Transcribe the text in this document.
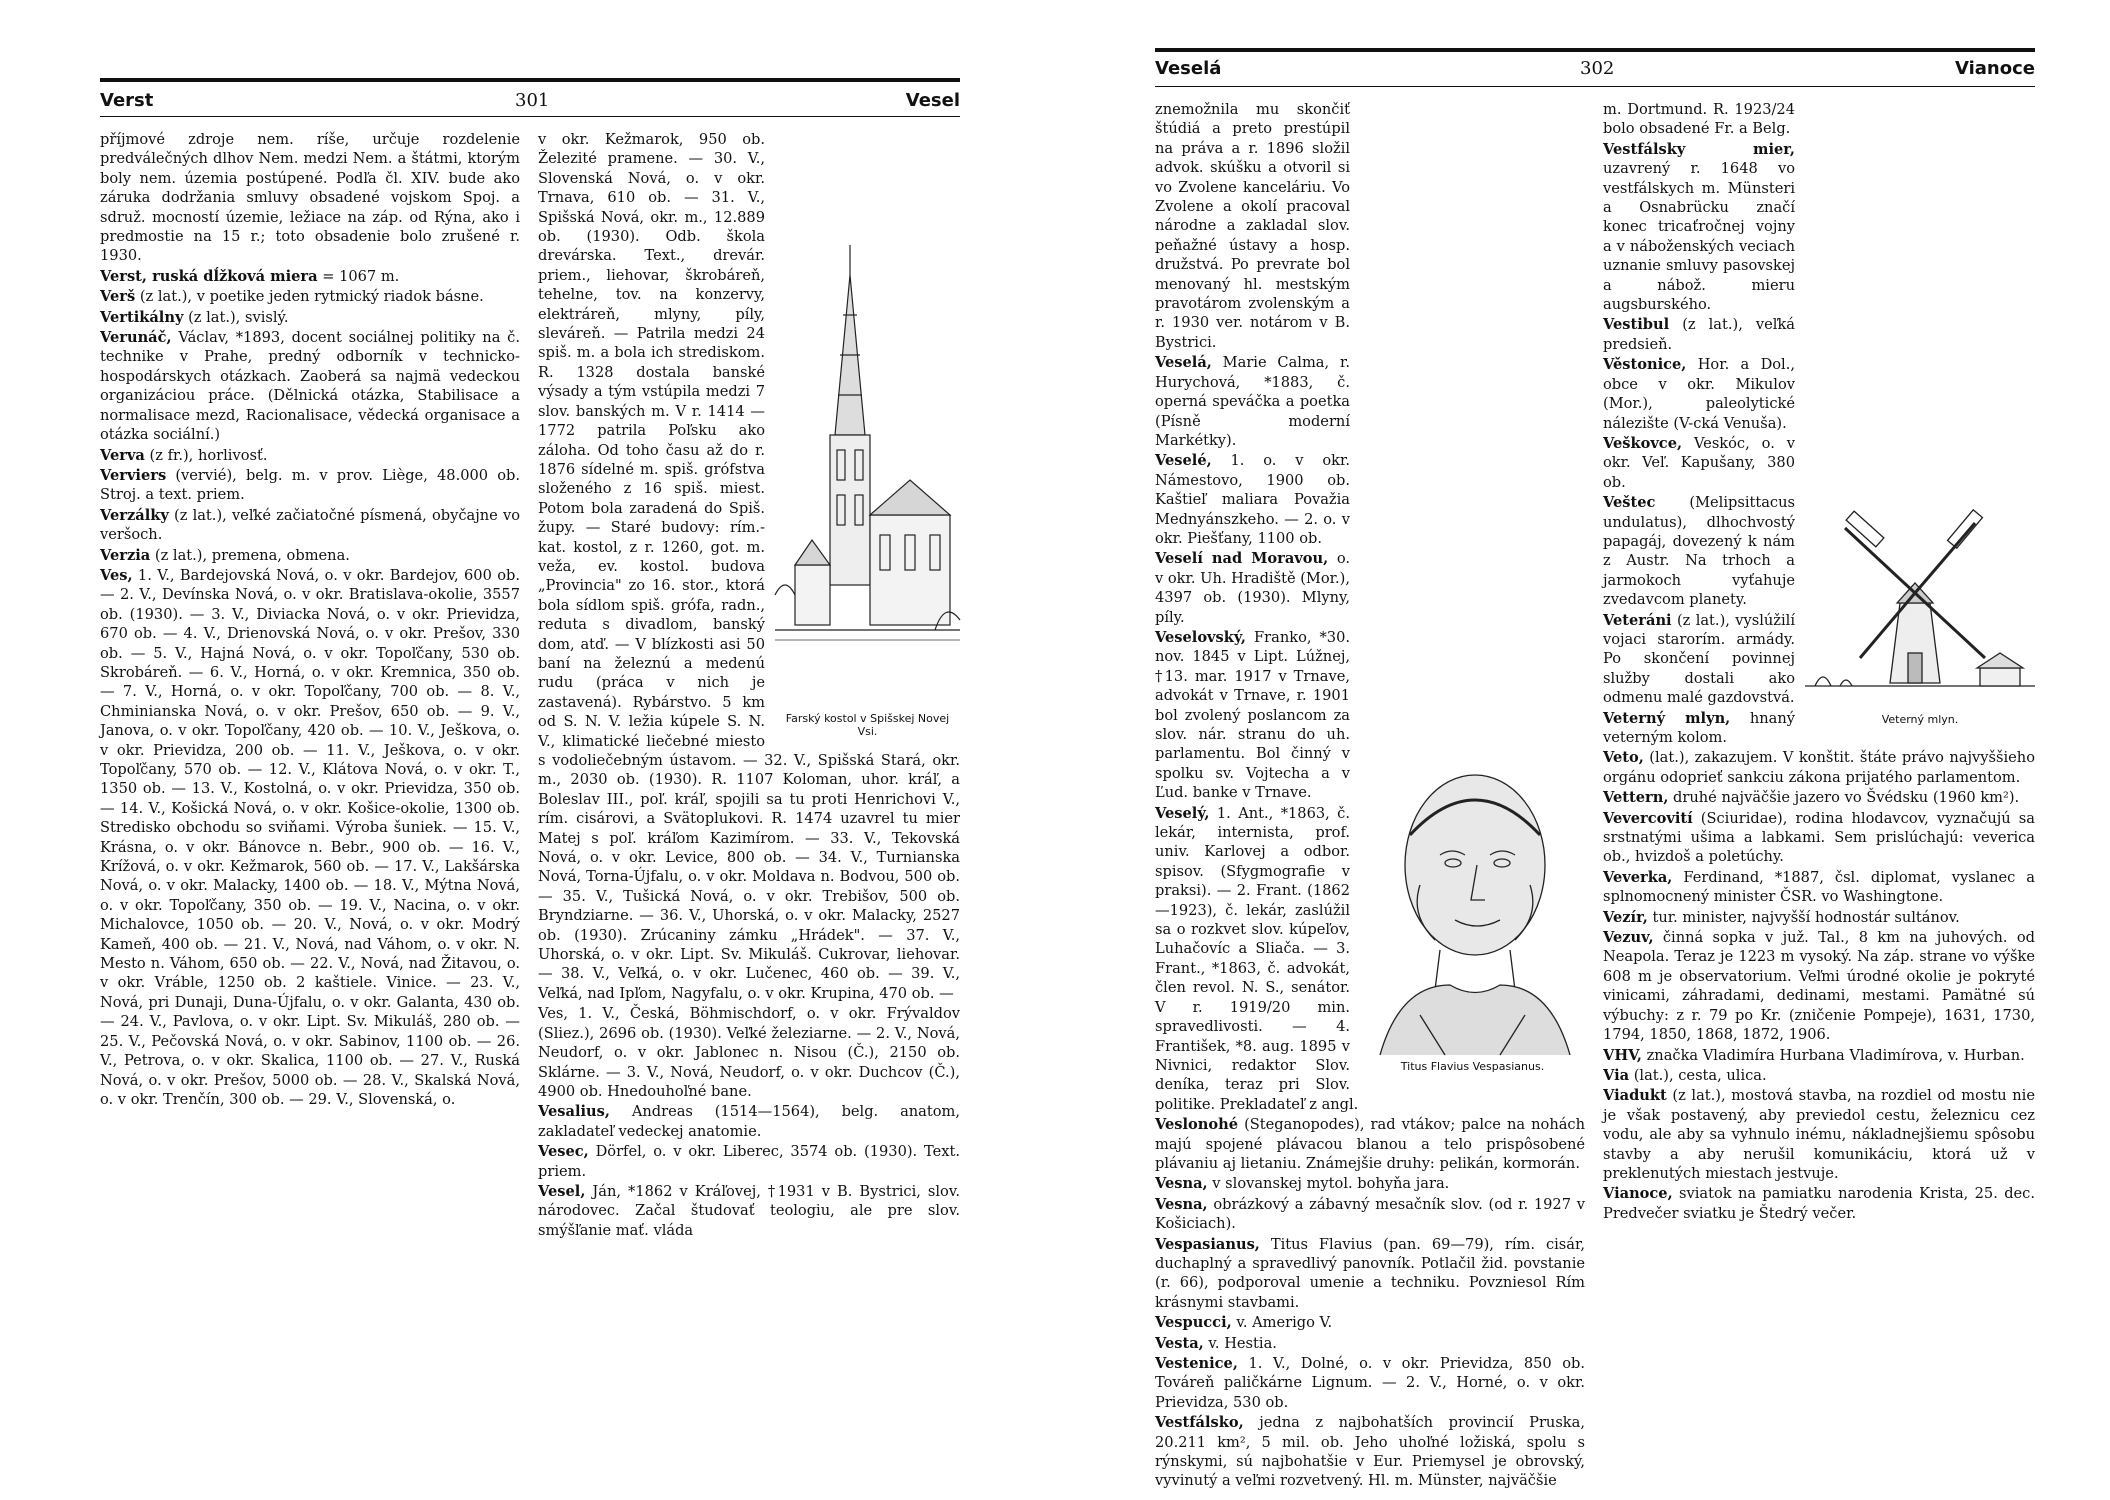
Verst	301	Vesel

příjmové zdroje nem. ríše, určuje rozdelenie predválečných dlhov Nem. medzi Nem. a štátmi, ktorým boly nem. územia postúpené. Podľa čl. XIV. bude ako záruka dodržania smluvy obsadené vojskom Spoj. a sdruž. mocností územie, ležiace na záp. od Rýna, ako i predmostie na 15 r.; toto obsadenie bolo zrušené r. 1930.

Verst, ruská dĺžková miera = 1067 m.

Verš (z lat.), v poetike jeden rytmický riadok básne.

Vertikálny (z lat.), svislý.

Verunáč, Václav, *1893, docent sociálnej politiky na č. technike v Prahe, predný odborník v technicko-hospodárskych otázkach. Zaoberá sa najmä vedeckou organizáciou práce. (Dělnická otázka, Stabilisace a normalisace mezd, Racionalisace, vědecká organisace a otázka sociální.)

Verva (z fr.), horlivosť.

Verviers (vervié), belg. m. v prov. Liège, 48.000 ob. Stroj. a text. priem.

Verzálky (z lat.), veľké začiatočné písmená, obyčajne vo veršoch.

Verzia (z lat.), premena, obmena.

Ves, 1. V., Bardejovská Nová, o. v okr. Bardejov, 600 ob. — 2. V., Devínska Nová, o. v okr. Bratislava-okolie, 3557 ob. (1930). — 3. V., Diviacka Nová, o. v okr. Prievidza, 670 ob. — 4. V., Drienovská Nová, o. v okr. Prešov, 330 ob. — 5. V., Hajná Nová, o. v okr. Topoľčany, 530 ob. Skrobáreň. — 6. V., Horná, o. v okr. Kremnica, 350 ob. — 7. V., Horná, o. v okr. Topoľčany, 700 ob. — 8. V., Chminianska Nová, o. v okr. Prešov, 650 ob. — 9. V., Janova, o. v okr. Topoľčany, 420 ob. — 10. V., Ješkova, o. v okr. Prievidza, 200 ob. — 11. V., Ješkova, o. v okr. Topoľčany, 570 ob. — 12. V., Klátova Nová, o. v okr. T., 1350 ob. — 13. V., Kostolná, o. v okr. Prievidza, 350 ob. — 14. V., Košická Nová, o. v okr. Košice-okolie, 1300 ob. Stredisko obchodu so sviňami. Výroba šuniek. — 15. V., Krásna, o. v okr. Bánovce n. Bebr., 900 ob. — 16. V., Krížová, o. v okr. Kežmarok, 560 ob. — 17. V., Lakšárska Nová, o. v okr. Malacky, 1400 ob. — 18. V., Mýtna Nová, o. v okr. Topoľčany, 350 ob. — 19. V., Nacina, o. v okr. Michalovce, 1050 ob. — 20. V., Nová, o. v okr. Modrý Kameň, 400 ob. — 21. V., Nová, nad Váhom, o. v okr. N. Mesto n. Váhom, 650 ob. — 22. V., Nová, nad Žitavou, o. v okr. Vráble, 1250 ob. 2 kaštiele. Vinice. — 23. V., Nová, pri Dunaji, Duna-Újfalu, o. v okr. Galanta, 430 ob. — 24. V., Pavlova, o. v okr. Lipt. Sv. Mikuláš, 280 ob. — 25. V., Pečovská Nová, o. v okr. Sabinov, 1100 ob. — 26. V., Petrova, o. v okr. Skalica, 1100 ob. — 27. V., Ruská Nová, o. v okr. Prešov, 5000 ob. — 28. V., Skalská Nová, o. v okr. Trenčín, 300 ob. — 29. V., Slovenská, o.

Farský kostol v Spišskej Novej Vsi.

v okr. Kežmarok, 950 ob. Železité pramene. — 30. V., Slovenská Nová, o. v okr. Trnava, 610 ob. — 31. V., Spišská Nová, okr. m., 12.889 ob. (1930). Odb. škola drevárska. Text., drevár. priem., liehovar, škrobáreň, tehelne, tov. na konzervy, elektráreň, mlyny, píly, sleváreň. — Patrila medzi 24 spiš. m. a bola ich strediskom. R. 1328 dostala banské výsady a tým vstúpila medzi 7 slov. banských m. V r. 1414 — 1772 patrila Poľsku ako záloha. Od toho času až do r. 1876 sídelné m. spiš. grófstva složeného z 16 spiš. miest. Potom bola zaradená do Spiš. župy. — Staré budovy: rím.-kat. kostol, z r. 1260, got. m. veža, ev. kostol. budova „Provincia" zo 16. stor., ktorá bola sídlom spiš. grófa, radn., reduta s divadlom, banský dom, atď. — V blízkosti asi 50 baní na železnú a medenú rudu (práca v nich je zastavená). Rybárstvo. 5 km od S. N. V. ležia kúpele S. N. V., klimatické liečebné miesto s vodoliečebným ústavom. — 32. V., Spišská Stará, okr. m., 2030 ob. (1930). R. 1107 Koloman, uhor. kráľ, a Boleslav III., poľ. kráľ, spojili sa tu proti Henrichovi V., rím. cisárovi, a Svätoplukovi. R. 1474 uzavrel tu mier Matej s poľ. kráľom Kazimírom. — 33. V., Tekovská Nová, o. v okr. Levice, 800 ob. — 34. V., Turnianska Nová, Torna-Újfalu, o. v okr. Moldava n. Bodvou, 500 ob. — 35. V., Tušická Nová, o. v okr. Trebišov, 500 ob. Bryndziarne. — 36. V., Uhorská, o. v okr. Malacky, 2527 ob. (1930). Zrúcaniny zámku „Hrádek". — 37. V., Uhorská, o. v okr. Lipt. Sv. Mikuláš. Cukrovar, liehovar. — 38. V., Veľká, o. v okr. Lučenec, 460 ob. — 39. V., Veľká, nad Ipľom, Nagyfalu, o. v okr. Krupina, 470 ob. —

Ves, 1. V., Česká, Böhmischdorf, o. v okr. Frývaldov (Sliez.), 2696 ob. (1930). Veľké železiarne. — 2. V., Nová, Neudorf, o. v okr. Jablonec n. Nisou (Č.), 2150 ob. Sklárne. — 3. V., Nová, Neudorf, o. v okr. Duchcov (Č.), 4900 ob. Hnedouhoľné bane.

Vesalius, Andreas (1514—1564), belg. anatom, zakladateľ vedeckej anatomie.

Vesec, Dörfel, o. v okr. Liberec, 3574 ob. (1930). Text. priem.

Vesel, Ján, *1862 v Kráľovej, †1931 v B. Bystrici, slov. národovec. Začal študovať teologiu, ale pre slov. smýšľanie mať. vláda

Veselá	302	Vianoce
Titus Flavius Vespasianus.

znemožnila mu skončiť štúdiá a preto prestúpil na práva a r. 1896 složil advok. skúšku a otvoril si vo Zvolene kanceláriu. Vo Zvolene a okolí pracoval národne a zakladal slov. peňažné ústavy a hosp. družstvá. Po prevrate bol menovaný hl. mestským pravotárom zvolenským a r. 1930 ver. notárom v B. Bystrici.

Veselá, Marie Calma, r. Hurychová, *1883, č. operná speváčka a poetka (Písně moderní Markétky).

Veselé, 1. o. v okr. Námestovo, 1900 ob. Kaštieľ maliara Považia Mednyánszkeho. — 2. o. v okr. Piešťany, 1100 ob.

Veselí nad Moravou, o. v okr. Uh. Hradiště (Mor.), 4397 ob. (1930). Mlyny, píly.

Veselovský, Franko, *30. nov. 1845 v Lipt. Lúžnej, †13. mar. 1917 v Trnave, advokát v Trnave, r. 1901 bol zvolený poslancom za slov. nár. stranu do uh. parlamentu. Bol činný v spolku sv. Vojtecha a v Ľud. banke v Trnave.

Veselý, 1. Ant., *1863, č. lekár, internista, prof. univ. Karlovej a odbor. spisov. (Sfygmografie v praksi). — 2. Frant. (1862—1923), č. lekár, zaslúžil sa o rozkvet slov. kúpeľov, Luhačovíc a Sliača. — 3. Frant., *1863, č. advokát, člen revol. N. S., senátor. V r. 1919/20 min. spravedlivosti. — 4. František, *8. aug. 1895 v Nivnici, redaktor Slov. deníka, teraz pri Slov. politike. Prekladateľ z angl.

Veslonohé (Steganopodes), rad vtákov; palce na nohách majú spojené plávacou blanou a telo prispôsobené plávaniu aj lietaniu. Známejšie druhy: pelikán, kormorán.

Vesna, v slovanskej mytol. bohyňa jara.

Vesna, obrázkový a zábavný mesačník slov. (od r. 1927 v Košiciach).

Vespasianus, Titus Flavius (pan. 69—79), rím. cisár, duchaplný a spravedlivý panovník. Potlačil žid. povstanie (r. 66), podporoval umenie a techniku. Povzniesol Rím krásnymi stavbami.

Vespucci, v. Amerigo V.

Vesta, v. Hestia.

Vestenice, 1. V., Dolné, o. v okr. Prievidza, 850 ob. Továreň paličkárne Lignum. — 2. V., Horné, o. v okr. Prievidza, 530 ob.

Vestfálsko, jedna z najbohatších provincií Pruska, 20.211 km², 5 mil. ob. Jeho uhoľné ložiská, spolu s rýnskymi, sú najbohatšie v Eur. Priemysel je obrovský, vyvinutý a veľmi rozvetvený. Hl. m. Münster, najväčšie

Veterný mlyn.

m. Dortmund. R. 1923/24 bolo obsadené Fr. a Belg.

Vestfálsky mier, uzavrený r. 1648 vo vestfálskych m. Münsteri a Osnabrücku značí konec tricaťročnej vojny a v náboženských veciach uznanie smluvy pasovskej a nábož. mieru augsburského.

Vestibul (z lat.), veľká predsieň.

Věstonice, Hor. a Dol., obce v okr. Mikulov (Mor.), paleolytické nálezište (V-cká Venuša).

Veškovce, Veskóc, o. v okr. Veľ. Kapušany, 380 ob.

Veštec (Melipsittacus undulatus), dlhochvostý papagáj, dovezený k nám z Austr. Na trhoch a jarmokoch vyťahuje zvedavcom planety.

Veteráni (z lat.), vyslúžilí vojaci starorím. armády. Po skončení povinnej služby dostali ako odmenu malé gazdovstvá.

Veterný mlyn, hnaný veterným kolom.

Veto, (lat.), zakazujem. V konštit. štáte právo najvyššieho orgánu odoprieť sankciu zákona prijatého parlamentom.

Vettern, druhé najväčšie jazero vo Švédsku (1960 km²).

Vevercovití (Sciuridae), rodina hlodavcov, vyznačujú sa srstnatými ušima a labkami. Sem prislúchajú: veverica ob., hvizdoš a poletúchy.

Veverka, Ferdinand, *1887, čsl. diplomat, vyslanec a splnomocnený minister ČSR. vo Washingtone.

Vezír, tur. minister, najvyšší hodnostár sultánov.

Vezuv, činná sopka v juž. Tal., 8 km na juhových. od Neapola. Teraz je 1223 m vysoký. Na záp. strane vo výške 608 m je observatorium. Veľmi úrodné okolie je pokryté vinicami, záhradami, dedinami, mestami. Pamätné sú výbuchy: z r. 79 po Kr. (zničenie Pompeje), 1631, 1730, 1794, 1850, 1868, 1872, 1906.

VHV, značka Vladimíra Hurbana Vladimírova, v. Hurban.

Via (lat.), cesta, ulica.

Viadukt (z lat.), mostová stavba, na rozdiel od mostu nie je však postavený, aby previedol cestu, železnicu cez vodu, ale aby sa vyhnulo inému, nákladnejšiemu spôsobu stavby a aby nerušil komunikáciu, ktorá už v preklenutých miestach jestvuje.

Vianoce, sviatok na pamiatku narodenia Krista, 25. dec. Predvečer sviatku je Štedrý večer.
